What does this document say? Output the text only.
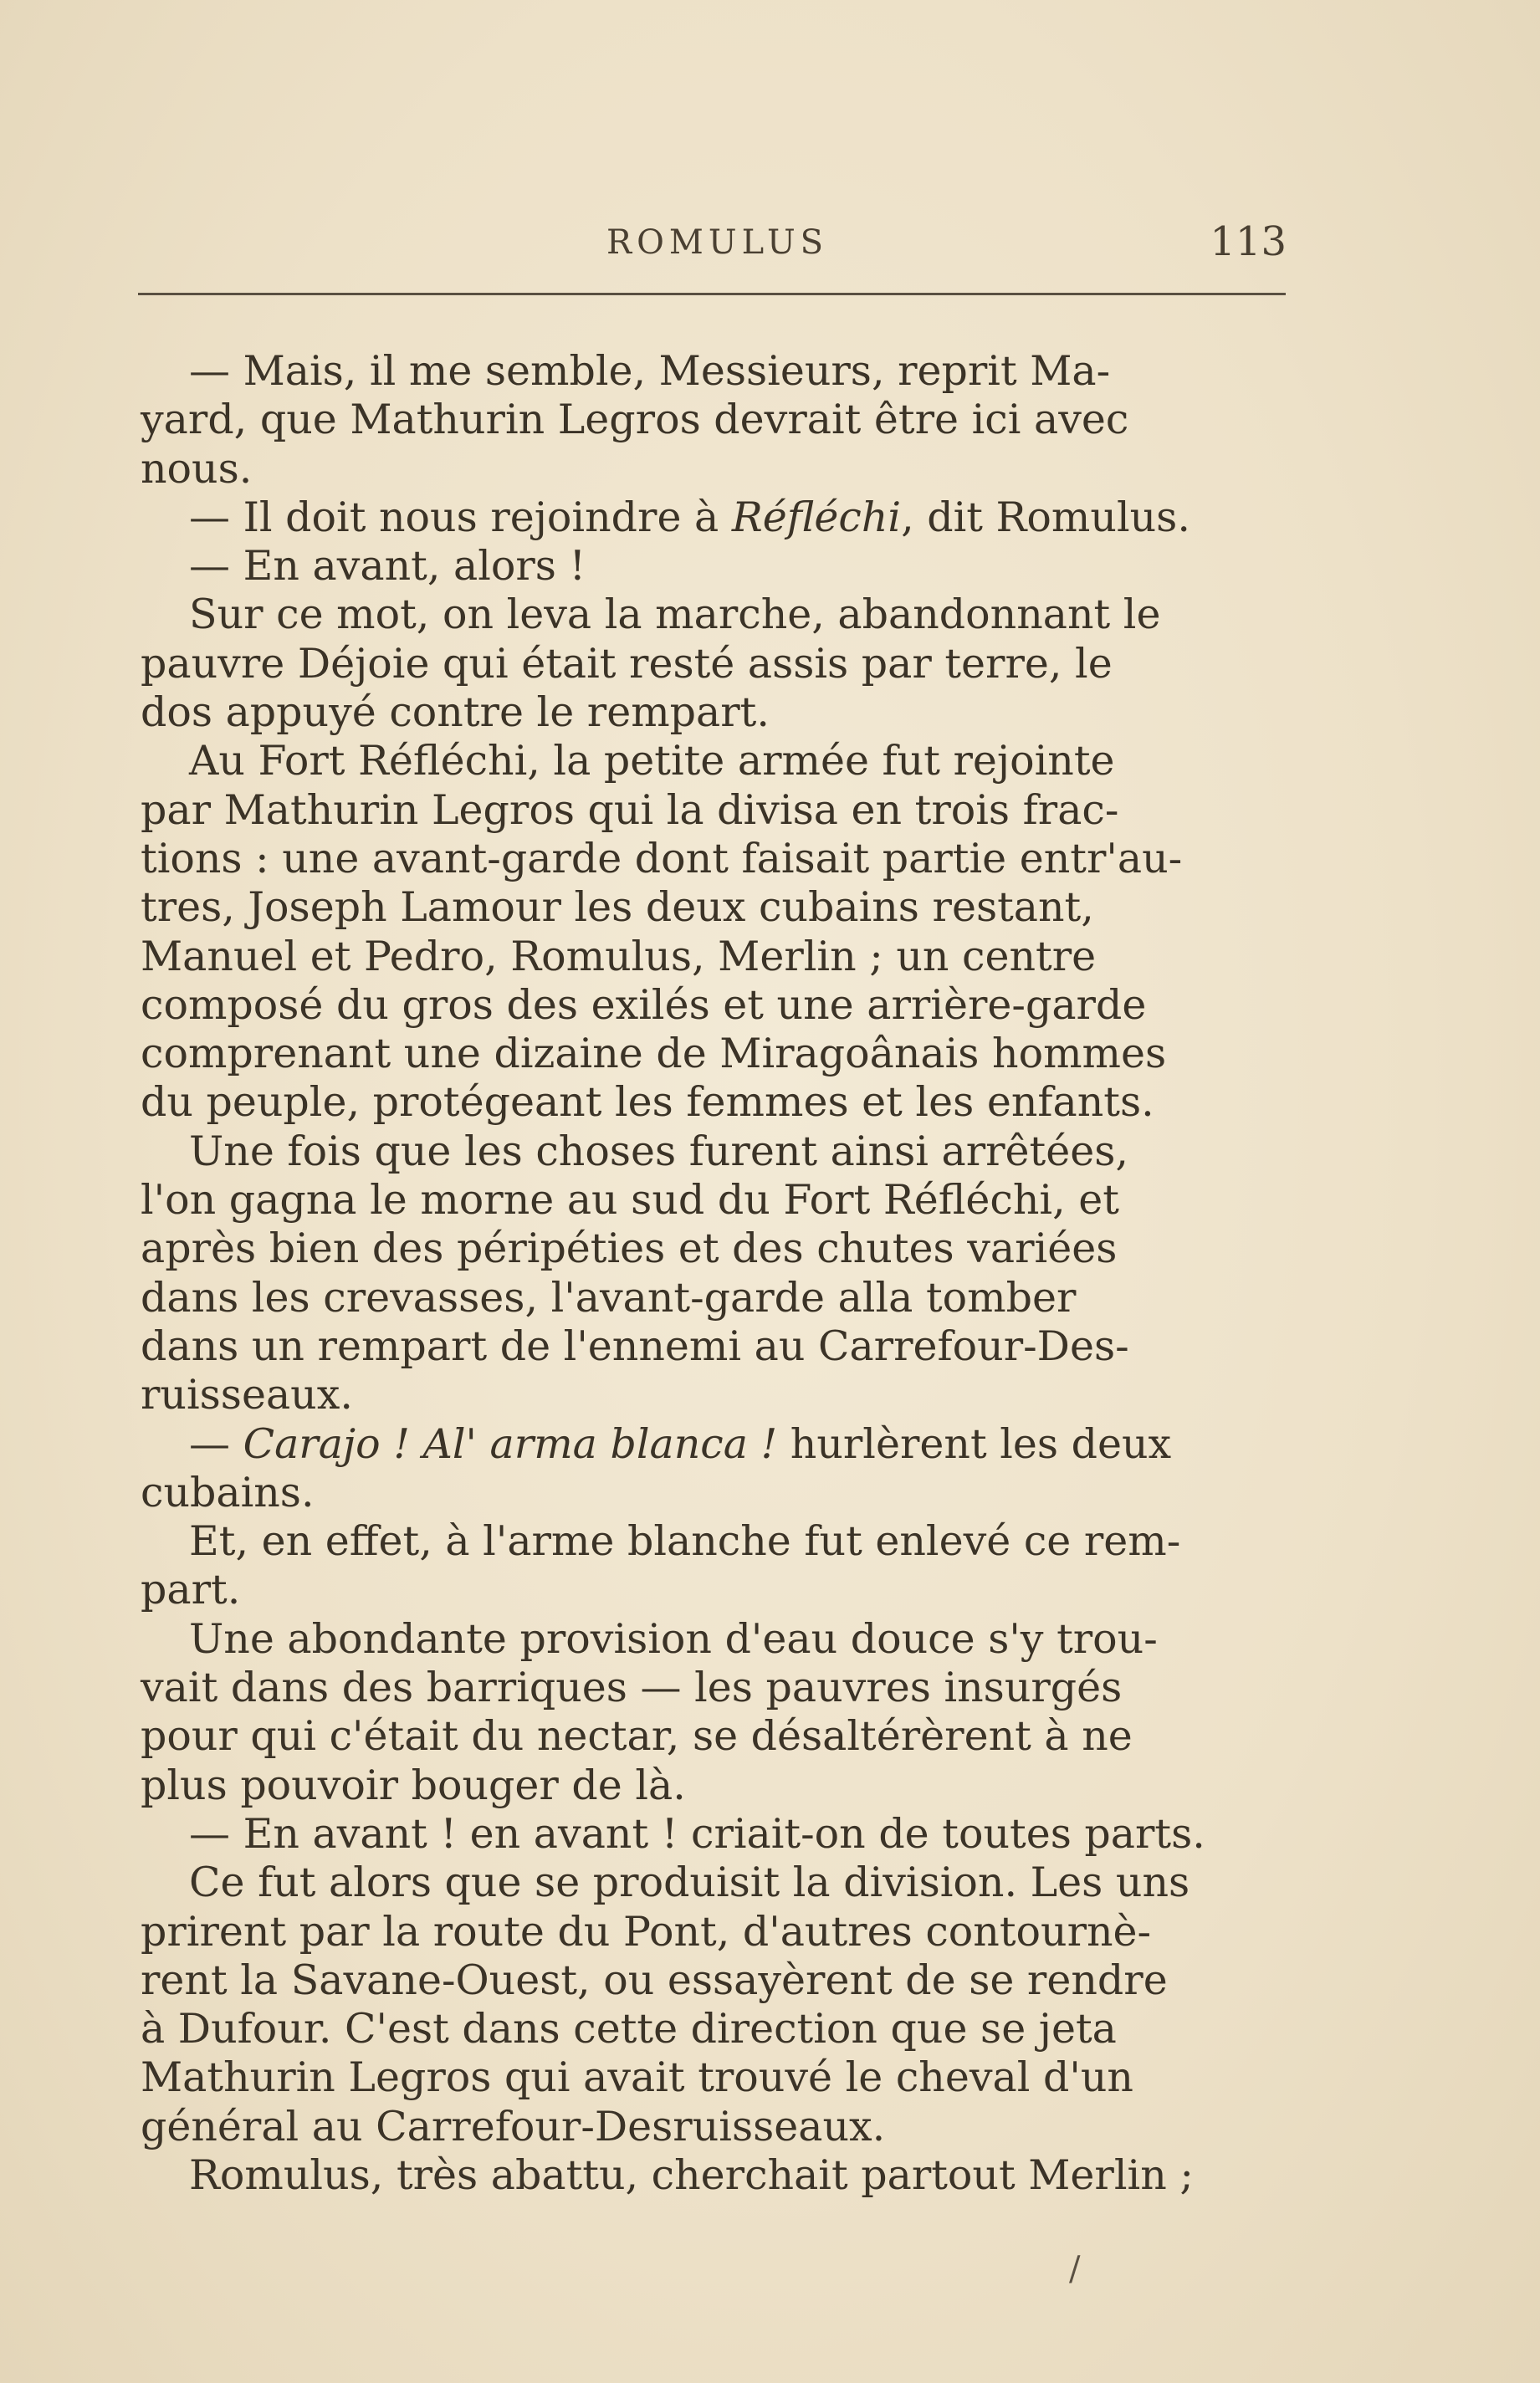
ROMULUS	113
— Mais, il me semble, Messieurs, reprit Ma-
yard, que Mathurin Legros devrait être ici avec
nous.
— Il doit nous rejoindre à Réfléchi, dit Romulus.
— En avant, alors !
Sur ce mot, on leva la marche, abandonnant le
pauvre Déjoie qui était resté assis par terre, le
dos appuyé contre le rempart.
Au Fort Réfléchi, la petite armée fut rejointe
par Mathurin Legros qui la divisa en trois frac-
tions : une avant-garde dont faisait partie entr'au-
tres, Joseph Lamour les deux cubains restant,
Manuel et Pedro, Romulus, Merlin ; un centre
composé du gros des exilés et une arrière-garde
comprenant une dizaine de Miragoânais hommes
du peuple, protégeant les femmes et les enfants.
Une fois que les choses furent ainsi arrêtées,
l'on gagna le morne au sud du Fort Réfléchi, et
après bien des péripéties et des chutes variées
dans les crevasses, l'avant-garde alla tomber
dans un rempart de l'ennemi au Carrefour-Des-
ruisseaux.
— Carajo ! Al' arma blanca ! hurlèrent les deux
cubains.
Et, en effet, à l'arme blanche fut enlevé ce rem-
part.
Une abondante provision d'eau douce s'y trou-
vait dans des barriques — les pauvres insurgés
pour qui c'était du nectar, se désaltérèrent à ne
plus pouvoir bouger de là.
— En avant ! en avant ! criait-on de toutes parts.
Ce fut alors que se produisit la division. Les uns
prirent par la route du Pont, d'autres contournè-
rent la Savane-Ouest, ou essayèrent de se rendre
à Dufour. C'est dans cette direction que se jeta
Mathurin Legros qui avait trouvé le cheval d'un
général au Carrefour-Desruisseaux.
Romulus, très abattu, cherchait partout Merlin ;
/
